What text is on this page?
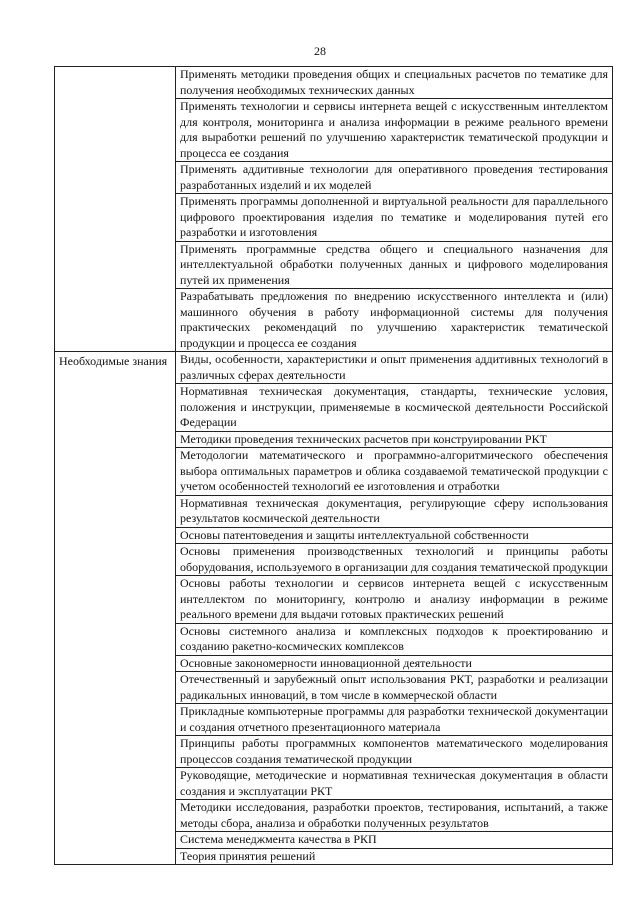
28

	Применять методики проведения общих и специальных расчетов по тематике для получения необходимых технических данных

	Применять технологии и сервисы интернета вещей с искусственным интеллектом для контроля, мониторинга и анализа информации в режиме реального времени для выработки решений по улучшению характеристик тематической продукции и процесса ее создания

	Применять аддитивные технологии для оперативного проведения тестирования разработанных изделий и их моделей

	Применять программы дополненной и виртуальной реальности для параллельного цифрового проектирования изделия по тематике и моделирования путей его разработки и изготовления

	Применять программные средства общего и специального назначения для интеллектуальной обработки полученных данных и цифрового моделирования путей их применения

	Разрабатывать предложения по внедрению искусственного интеллекта и (или) машинного обучения в работу информационной системы для получения практических рекомендаций по улучшению характеристик тематической продукции и процесса ее создания

Необходимые знания	Виды, особенности, характеристики и опыт применения аддитивных технологий в различных сферах деятельности

	Нормативная техническая документация, стандарты, технические условия, положения и инструкции, применяемые в космической деятельности Российской Федерации

	Методики проведения технических расчетов при конструировании РКТ

	Методологии математического и программно-алгоритмического обеспечения выбора оптимальных параметров и облика создаваемой тематической продукции с учетом особенностей технологий ее изготовления и отработки

	Нормативная техническая документация, регулирующие сферу использования результатов космической деятельности

	Основы патентоведения и защиты интеллектуальной собственности

	Основы применения производственных технологий и принципы работы оборудования, используемого в организации для создания тематической продукции

	Основы работы технологии и сервисов интернета вещей с искусственным интеллектом по мониторингу, контролю и анализу информации в режиме реального времени для выдачи готовых практических решений

	Основы системного анализа и комплексных подходов к проектированию и созданию ракетно-космических комплексов

	Основные закономерности инновационной деятельности

	Отечественный и зарубежный опыт использования РКТ, разработки и реализации радикальных инноваций, в том числе в коммерческой области

	Прикладные компьютерные программы для разработки технической документации и создания отчетного презентационного материала

	Принципы работы программных компонентов математического моделирования процессов создания тематической продукции

	Руководящие, методические и нормативная техническая документация в области создания и эксплуатации РКТ

	Методики исследования, разработки проектов, тестирования, испытаний, а также методы сбора, анализа и обработки полученных результатов

	Система менеджмента качества в РКП

	Теория принятия решений
